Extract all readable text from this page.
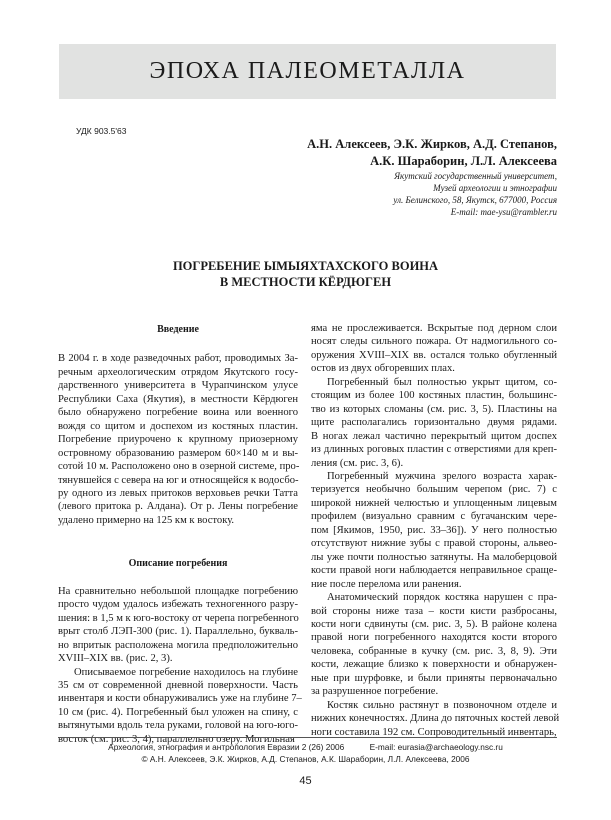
ЭПОХА ПАЛЕОМЕТАЛЛА
УДК 903.5'63
А.Н. Алексеев, Э.К. Жирков, А.Д. Степанов,
А.К. Шараборин, Л.Л. Алексеева
Якутский государственный университет,
Музей археологии и этнографии
ул. Белинского, 58, Якутск, 677000, Россия
E-mail: mae-ysu@rambler.ru
ПОГРЕБЕНИЕ ЫМЫЯХТАХСКОГО ВОИНА
В МЕСТНОСТИ КЁРДЮГЕН
Введение
В 2004 г. в ходе разведочных работ, проводимых За-
речным археологическим отрядом Якутского госу-
дарственного университета в Чурапчинском улусе
Республики Саха (Якутия), в местности Кёрдюген
было обнаружено погребение воина или военного
вождя со щитом и доспехом из костяных пластин.
Погребение приурочено к крупному приозерному
островному образованию размером 60×140 м и вы-
сотой 10 м. Расположено оно в озерной системе, про-
тянувшейся с севера на юг и относящейся к водосбо-
ру одного из левых притоков верховьев речки Татта
(левого притока р. Алдана). От р. Лены погребение
удалено примерно на 125 км к востоку.
Описание погребения
На сравнительно небольшой площадке погребению
просто чудом удалось избежать техногенного разру-
шения: в 1,5 м к юго-востоку от черепа погребенного
врыт столб ЛЭП-300 (рис. 1). Параллельно, букваль-
но впритык расположена могила предположительно
XVIII–XIX вв. (рис. 2, 3).
Описываемое погребение находилось на глубине
35 см от современной дневной поверхности. Часть
инвентаря и кости обнаруживались уже на глубине 7–
10 см (рис. 4). Погребенный был уложен на спину, с
вытянутыми вдоль тела руками, головой на юго-юго-
восток (см. рис. 3, 4), параллельно озеру. Могильная
яма не прослеживается. Вскрытые под дерном слои
носят следы сильного пожара. От надмогильного со-
оружения XVIII–XIX вв. остался только обугленный
остов из двух обгоревших плах.
Погребенный был полностью укрыт щитом, со-
стоящим из более 100 костяных пластин, большинс-
тво из которых сломаны (см. рис. 3, 5). Пластины на
щите располагались горизонтально двумя рядами.
В ногах лежал частично перекрытый щитом доспех
из длинных роговых пластин с отверстиями для креп-
ления (см. рис. 3, 6).
Погребенный мужчина зрелого возраста харак-
теризуется необычно большим черепом (рис. 7) с
широкой нижней челюстью и уплощенным лицевым
профилем (визуально сравним с бугачанским чере-
пом [Якимов, 1950, рис. 33–36]). У него полностью
отсутствуют нижние зубы с правой стороны, альвео-
лы уже почти полностью затянуты. На малоберцовой
кости правой ноги наблюдается неправильное сраще-
ние после перелома или ранения.
Анатомический порядок костяка нарушен с пра-
вой стороны ниже таза – кости кисти разбросаны,
кости ноги сдвинуты (см. рис. 3, 5). В районе колена
правой ноги погребенного находятся кости второго
человека, собранные в кучку (см. рис. 3, 8, 9). Эти
кости, лежащие близко к поверхности и обнаружен-
ные при шурфовке, и были приняты первоначально
за разрушенное погребение.
Костяк сильно растянут в позвоночном отделе и
нижних конечностях. Длина до пяточных костей левой
ноги составила 192 см. Сопроводительный инвентарь,
Археология, этнография и антропология Евразии 2 (26) 2006	E-mail: eurasia@archaeology.nsc.ru
© А.Н. Алексеев, Э.К. Жирков, А.Д. Степанов, А.К. Шараборин, Л.Л. Алексеева, 2006
45
